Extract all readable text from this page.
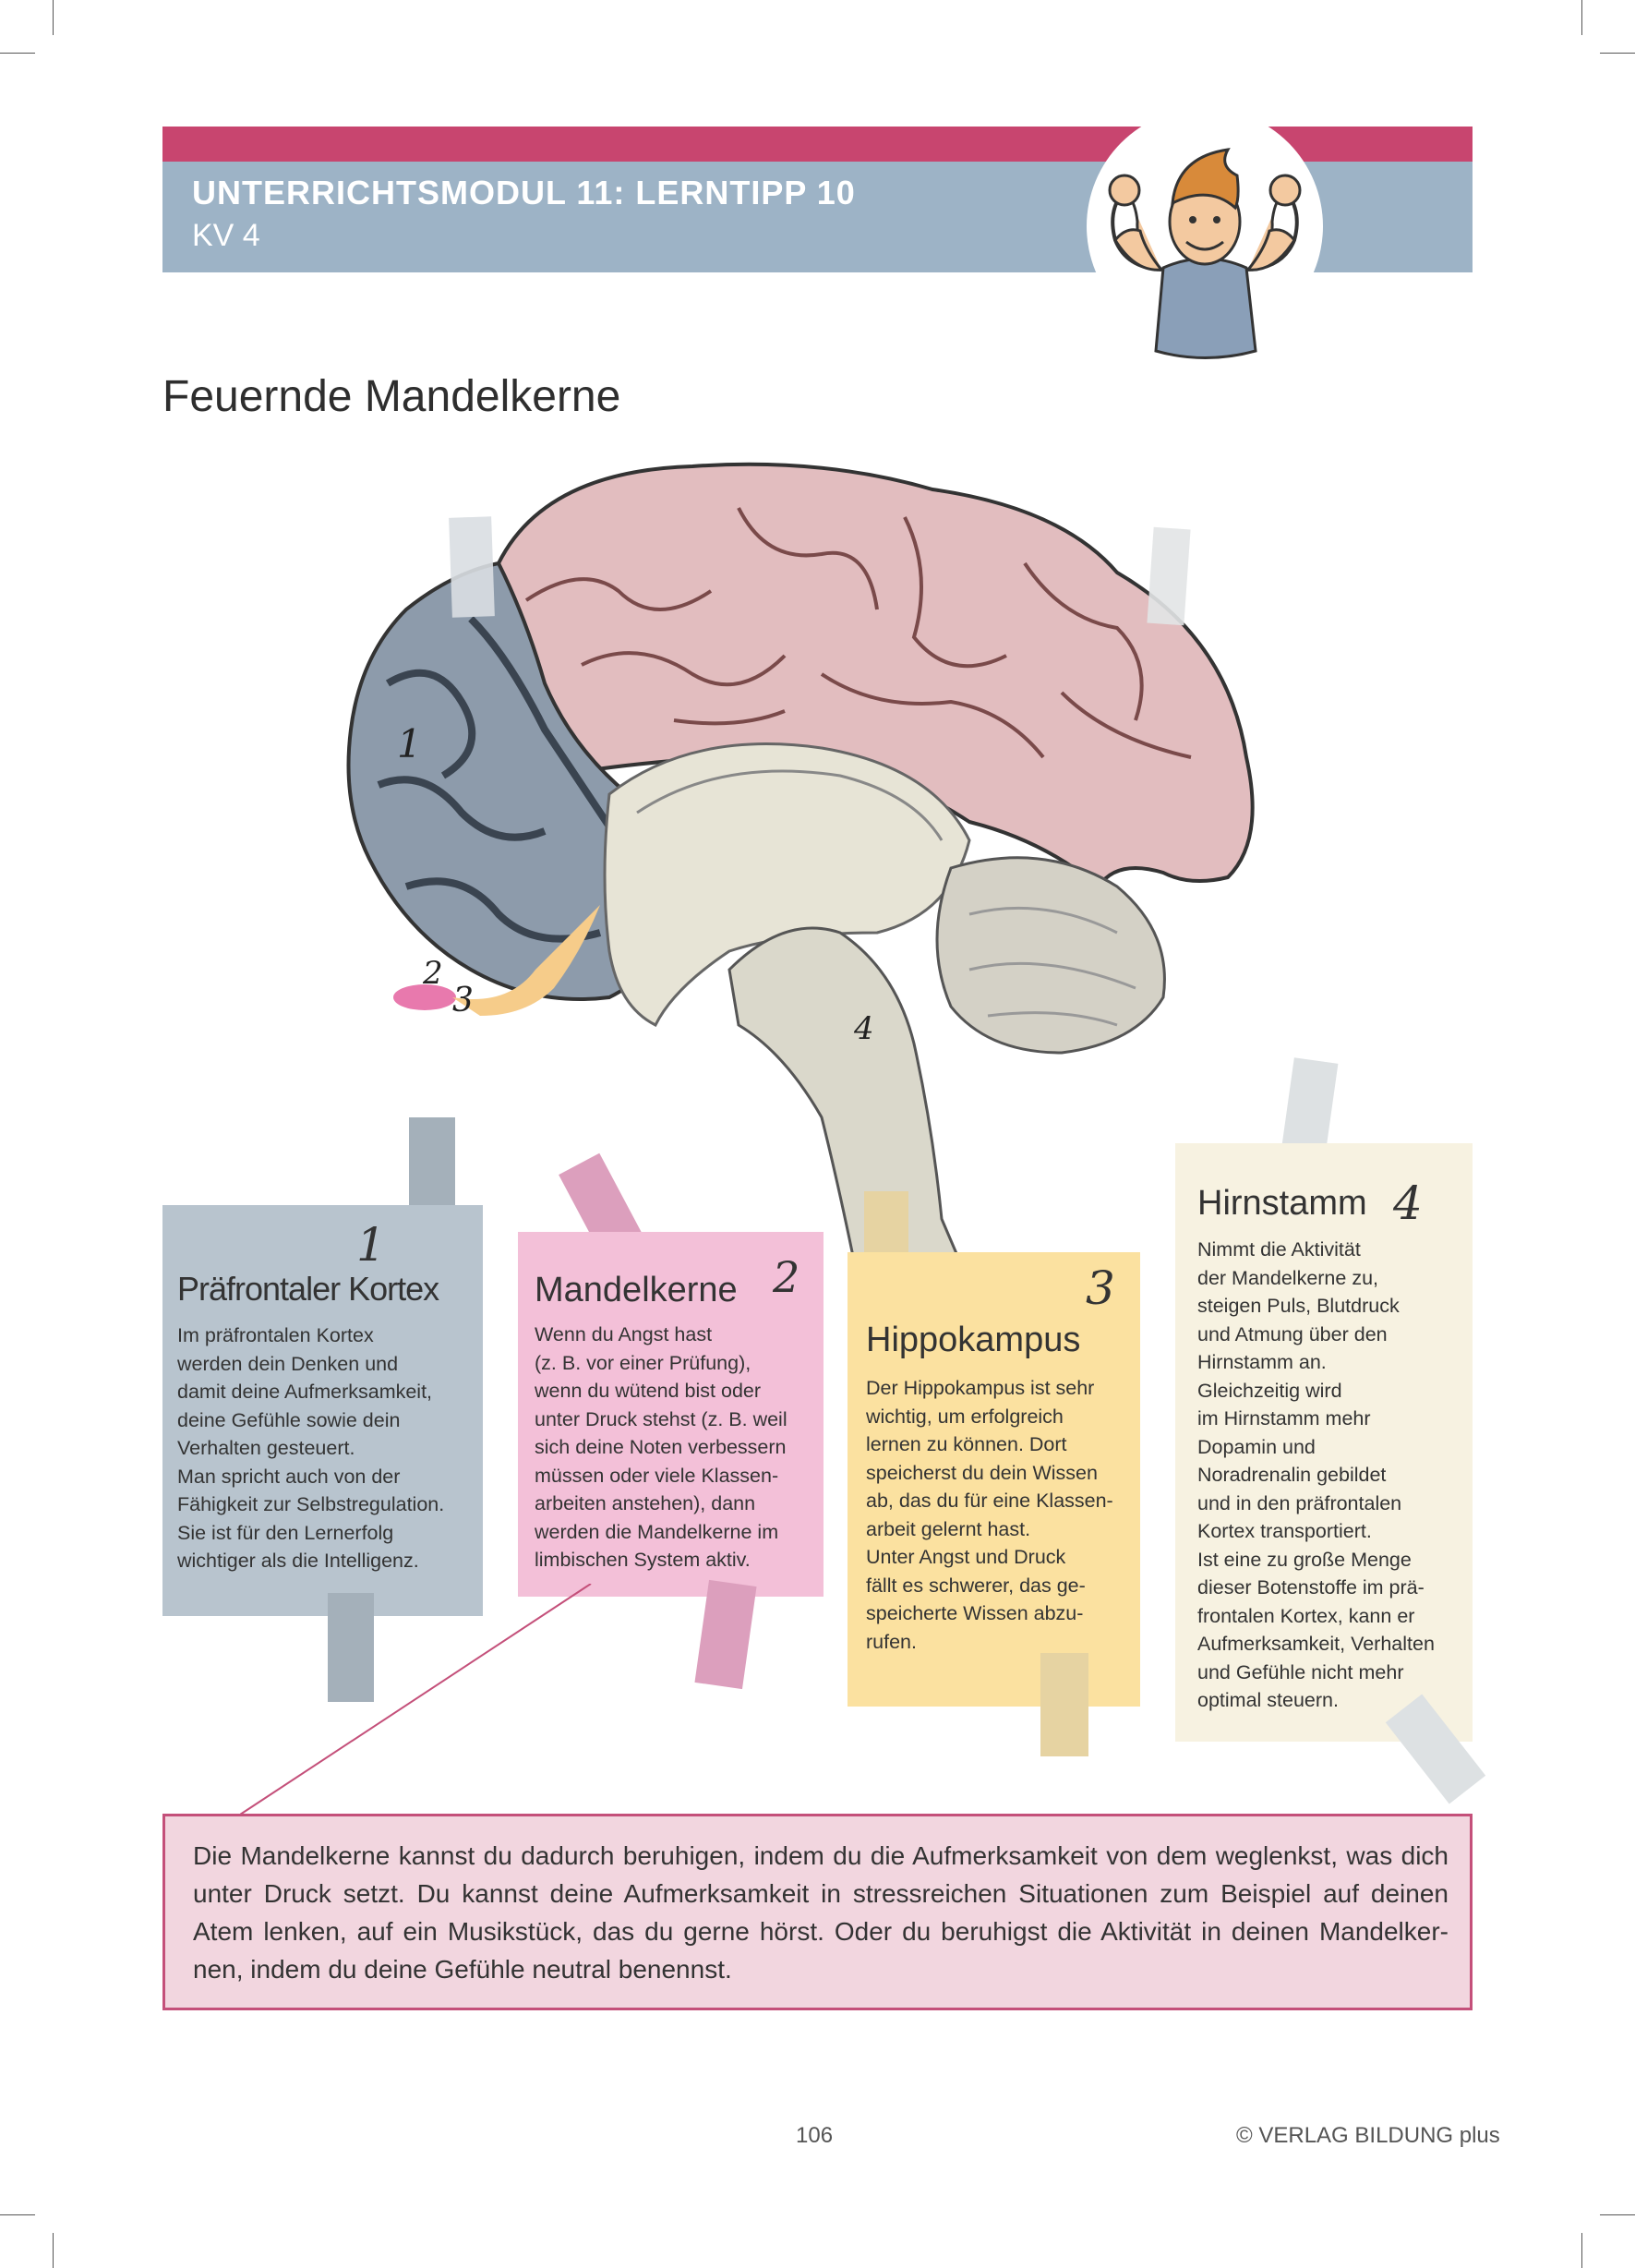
UNTERRICHTSMODUL 11: LERNTIPP 10
KV 4
Feuernde Mandelkerne
1
2
3
4
1
Präfrontaler Kortex
Im präfrontalen Kortex
werden dein Denken und
damit deine Aufmerksamkeit,
deine Gefühle sowie dein
Verhalten gesteuert.
Man spricht auch von der
Fähigkeit zur Selbstregulation.
Sie ist für den Lernerfolg
wichtiger als die Intelligenz.
Mandelkerne 2
Wenn du Angst hast
(z. B. vor einer Prüfung),
wenn du wütend bist oder
unter Druck stehst (z. B. weil
sich deine Noten verbessern
müssen oder viele Klassen-
arbeiten anstehen), dann
werden die Mandelkerne im
limbischen System aktiv.
3
Hippokampus
Der Hippokampus ist sehr
wichtig, um erfolgreich
lernen zu können. Dort
speicherst du dein Wissen
ab, das du für eine Klassen-
arbeit gelernt hast.
Unter Angst und Druck
fällt es schwerer, das ge-
speicherte Wissen abzu-
rufen.
Hirnstamm 4
Nimmt die Aktivität
der Mandelkerne zu,
steigen Puls, Blutdruck
und Atmung über den
Hirnstamm an.
Gleichzeitig wird
im Hirnstamm mehr
Dopamin und
Noradrenalin gebildet
und in den präfrontalen
Kortex transportiert.
Ist eine zu große Menge
dieser Botenstoffe im prä-
frontalen Kortex, kann er
Aufmerksamkeit, Verhalten
und Gefühle nicht mehr
optimal steuern.

Die Mandelkerne kannst du dadurch beruhigen, indem du die Aufmerksamkeit von dem weglenkst, was dich unter Druck setzt. Du kannst deine Aufmerksamkeit in stressreichen Situationen zum Beispiel auf deinen Atem lenken, auf ein Musikstück, das du gerne hörst. Oder du beruhigst die Aktivität in deinen Mandelker-nen, indem du deine Gefühle neutral benennst.

106	© VERLAG BILDUNG plus
